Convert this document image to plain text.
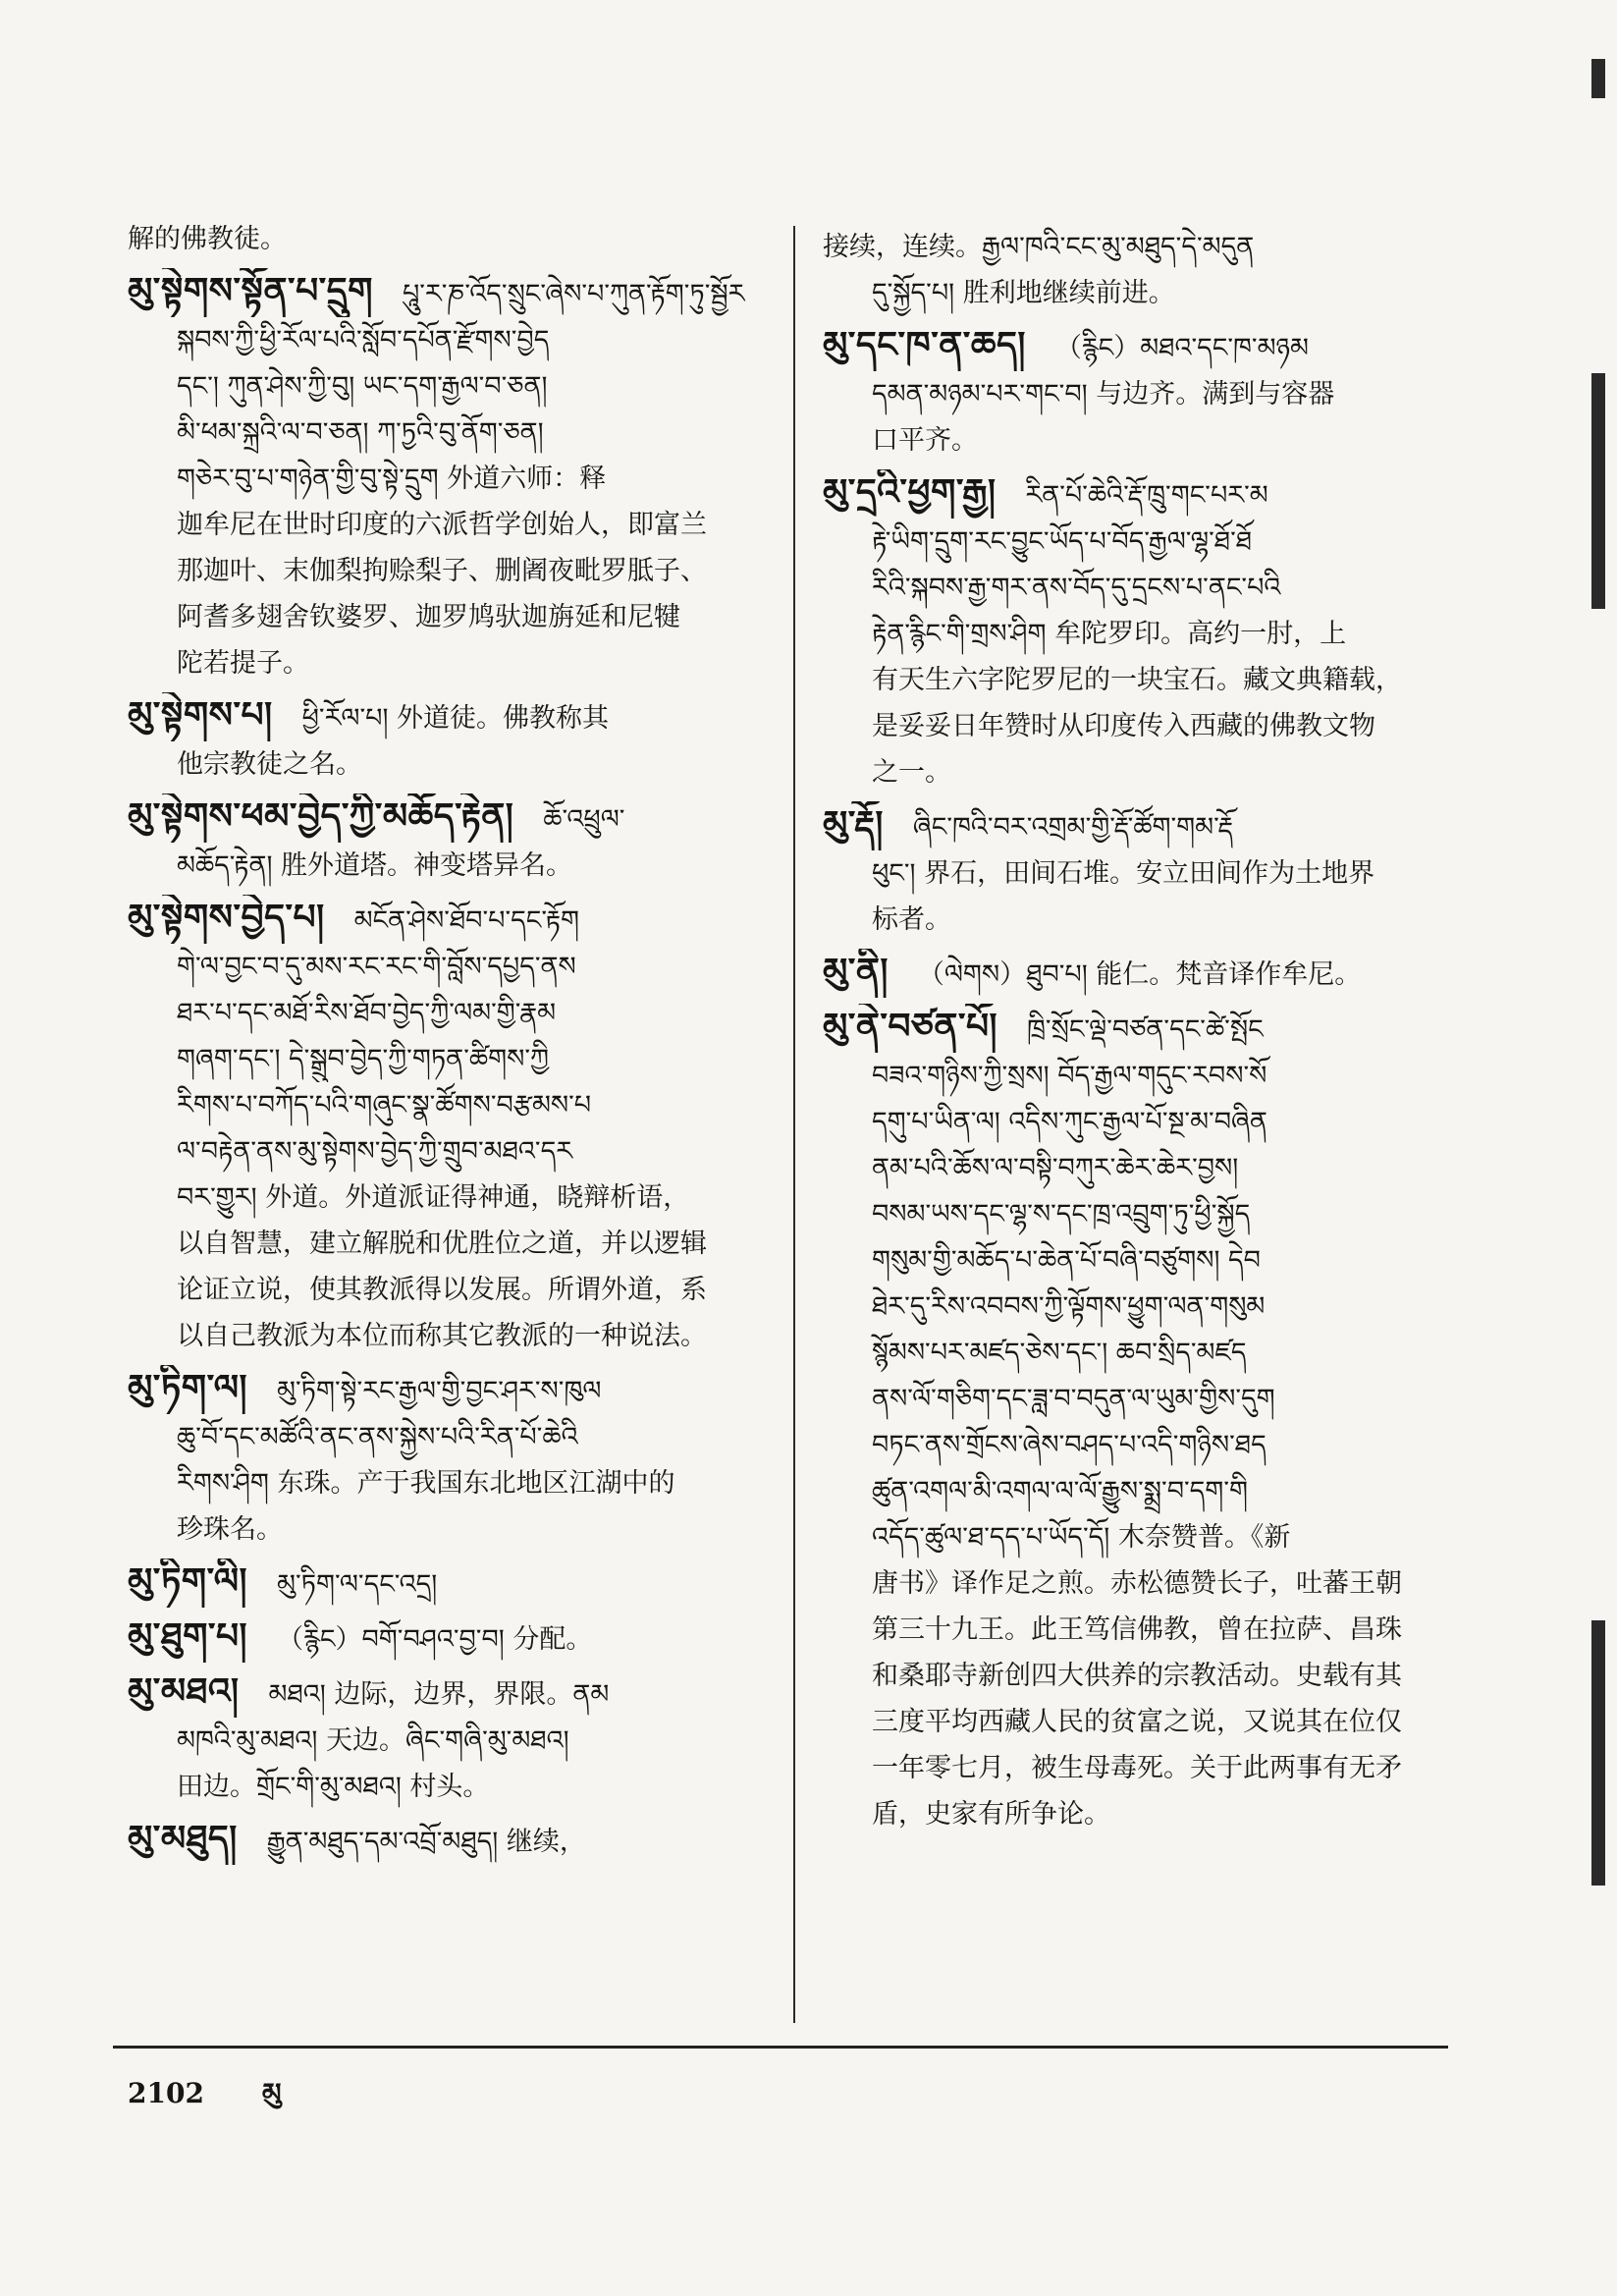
解的佛教徒。
མུ་སྟེགས་སྟོན་པ་དྲུག པཱུ་ར་ཎ་འོད་སྲུང་ཞེས་པ་ཀུན་རྟོག་ཏུ་སྦྱོར
སྐབས་ཀྱི་ཕྱི་རོལ་པའི་སློབ་དཔོན་རྫོགས་བྱེད
དང་། ཀུན་ཤེས་ཀྱི་བུ། ཡང་དག་རྒྱལ་བ་ཅན།
མི་ཕམ་སྐྲའི་ལ་བ་ཅན། ཀ་ཏྱའི་བུ་ནོག་ཅན།
གཅེར་བུ་པ་གཉེན་གྱི་བུ་སྟེ་དྲུག 外道六师：释
迦牟尼在世时印度的六派哲学创始人，即富兰
那迦叶、末伽梨拘赊梨子、删阇夜毗罗胝子、
阿耆多翅舍钦婆罗、迦罗鸠驮迦旃延和尼犍
陀若提子。
མུ་སྟེགས་པ། ཕྱི་རོལ་པ། 外道徒。佛教称其
他宗教徒之名。
མུ་སྟེགས་ཕམ་བྱེད་ཀྱི་མཆོད་རྟེན། ཆོ་འཕྲུལ་
མཆོད་རྟེན། 胜外道塔。神变塔异名。
མུ་སྟེགས་བྱེད་པ། མངོན་ཤེས་ཐོབ་པ་དང་རྟོག
གེ་ལ་བྱང་བ་དུ་མས་རང་རང་གི་བློས་དཔྱད་ནས
ཐར་པ་དང་མཐོ་རིས་ཐོབ་བྱེད་ཀྱི་ལམ་གྱི་རྣམ
གཞག་དང་། དེ་སྒྲུབ་བྱེད་ཀྱི་གཏན་ཚིགས་ཀྱི
རིགས་པ་བཀོད་པའི་གཞུང་སྣ་ཚོགས་བརྩམས་པ
ལ་བརྟེན་ནས་མུ་སྟེགས་བྱེད་ཀྱི་གྲུབ་མཐའ་དར
བར་གྱུར། 外道。外道派证得神通，晓辩析语，
以自智慧，建立解脱和优胜位之道，并以逻辑
论证立说，使其教派得以发展。所谓外道，系
以自己教派为本位而称其它教派的一种说法。
མུ་ཏིག་ལ། མུ་ཏིག་སྟེ་རང་རྒྱལ་གྱི་བྱང་ཤར་ས་ཁུལ
ཆུ་བོ་དང་མཚོའི་ནང་ནས་སྐྱེས་པའི་རིན་པོ་ཆེའི
རིགས་ཤིག 东珠。产于我国东北地区江湖中的
珍珠名。
མུ་ཏིག་ལི། མུ་ཏིག་ལ་དང་འདྲ།
མུ་ཐུག་པ། （རྙིང）བགོ་བཤའ་བྱ་བ། 分配。
མུ་མཐའ། མཐའ། 边际，边界，界限。ནམ
མཁའི་མུ་མཐའ། 天边。ཞིང་གཞི་མུ་མཐའ།
田边。གྲོང་གི་མུ་མཐའ། 村头。
མུ་མཐུད། རྒྱུན་མཐུད་དམ་འབྲོ་མཐུད། 继续，
接续，连续。རྒྱལ་ཁའི་ངང་མུ་མཐུད་དེ་མདུན
དུ་སྐྱོད་པ། 胜利地继续前进。
མུ་དང་ཁ་ན་ཆད། （རྙིང）མཐའ་དང་ཁ་མཉམ
དམན་མཉམ་པར་གང་བ། 与边齐。满到与容器
口平齐。
མུ་དྲའི་ཕྱག་རྒྱ། རིན་པོ་ཆེའི་རྡོ་ཁྲུ་གང་པར་མ
རྟེ་ཡིག་དྲུག་རང་བྱུང་ཡོད་པ་བོད་རྒྱལ་ལྷ་ཐོ་ཐོ
རིའི་སྐབས་རྒྱ་གར་ནས་བོད་དུ་དྲངས་པ་ནང་པའི
རྟེན་རྙིང་གི་གྲས་ཤིག 牟陀罗印。高约一肘，上
有天生六字陀罗尼的一块宝石。藏文典籍载，
是妥妥日年赞时从印度传入西藏的佛教文物
之一。
མུ་རྡོ། ཞིང་ཁའི་བར་འགྲམ་གྱི་རྡོ་ཚོག་གམ་རྡོ
ཕུང་། 界石，田间石堆。安立田间作为土地界
标者。
མུ་ནི། （ལེགས）ཐུབ་པ། 能仁。梵音译作牟尼。
མུ་ནེ་བཙན་པོ། ཁྲི་སྲོང་ལྡེ་བཙན་དང་ཚེ་སྤོང
བཟའ་གཉིས་ཀྱི་སྲས། བོད་རྒྱལ་གདུང་རབས་སོ
དགུ་པ་ཡིན་ལ། འདིས་ཀུང་རྒྱལ་པོ་སྔ་མ་བཞིན
ནམ་པའི་ཆོས་ལ་བསྟི་བཀུར་ཆེར་ཆེར་བྱས།
བསམ་ཡས་དང་ལྷ་ས་དང་ཁྲ་འབྲུག་ཏུ་ཕྱི་སྐྱོད
གསུམ་གྱི་མཆོད་པ་ཆེན་པོ་བཞི་བཙུགས། དེབ
ཐེར་དུ་རིས་འབབས་ཀྱི་ལྟོགས་ཕྱུག་ལན་གསུམ
སྙོམས་པར་མཛད་ཅེས་དང་། ཆབ་སྲིད་མཛད
ནས་ལོ་གཅིག་དང་ཟླ་བ་བདུན་ལ་ཡུམ་གྱིས་དུག
བཏང་ནས་གྲོངས་ཞེས་བཤད་པ་འདི་གཉིས་ཐད
ཚུན་འགལ་མི་འགལ་ལ་ལོ་རྒྱུས་སྨྲ་བ་དག་གི
འདོད་ཚུལ་ཐ་དད་པ་ཡོད་དོ། 木奈赞普。《新
唐书》译作足之煎。赤松德赞长子，吐蕃王朝
第三十九王。此王笃信佛教，曾在拉萨、昌珠
和桑耶寺新创四大供养的宗教活动。史载有其
三度平均西藏人民的贫富之说，又说其在位仅
一年零七月，被生母毒死。关于此两事有无矛
盾，史家有所争论。
2102 མུ
